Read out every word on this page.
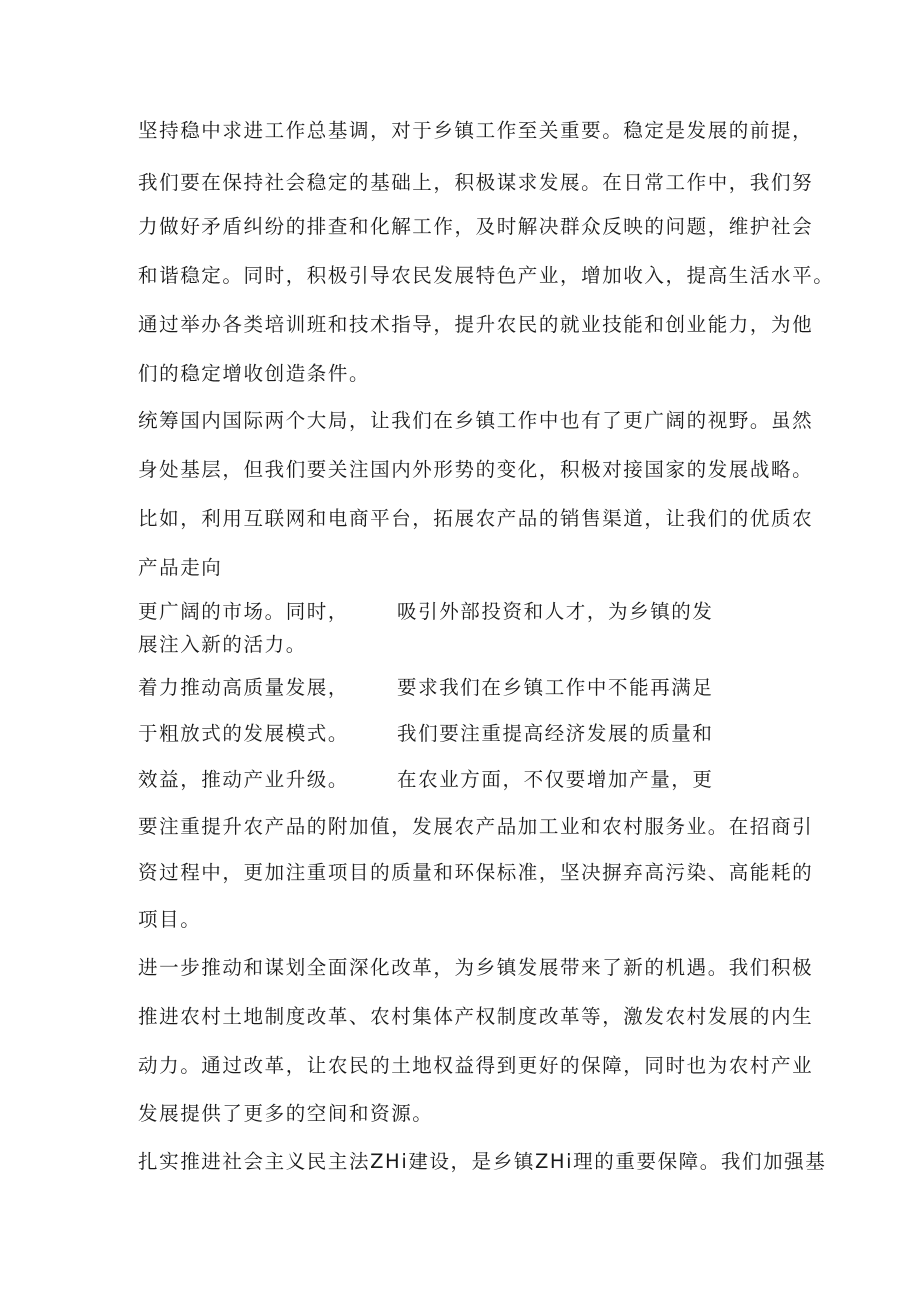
坚持稳中求进工作总基调，对于乡镇工作至关重要。稳定是发展的前提，
我们要在保持社会稳定的基础上，积极谋求发展。在日常工作中，我们努
力做好矛盾纠纷的排查和化解工作，及时解决群众反映的问题，维护社会
和谐稳定。同时，积极引导农民发展特色产业，增加收入，提高生活水平。
通过举办各类培训班和技术指导，提升农民的就业技能和创业能力，为他
们的稳定增收创造条件。
统筹国内国际两个大局，让我们在乡镇工作中也有了更广阔的视野。虽然
身处基层，但我们要关注国内外形势的变化，积极对接国家的发展战略。
比如，利用互联网和电商平台，拓展农产品的销售渠道，让我们的优质农
产品走向
更广阔的市场。同时， 吸引外部投资和人才，为乡镇的发
展注入新的活力。
着力推动高质量发展， 要求我们在乡镇工作中不能再满足
于粗放式的发展模式。 我们要注重提高经济发展的质量和
效益，推动产业升级。 在农业方面，不仅要增加产量，更
要注重提升农产品的附加值，发展农产品加工业和农村服务业。在招商引
资过程中，更加注重项目的质量和环保标准，坚决摒弃高污染、高能耗的
项目。
进一步推动和谋划全面深化改革，为乡镇发展带来了新的机遇。我们积极
推进农村土地制度改革、农村集体产权制度改革等，激发农村发展的内生
动力。通过改革，让农民的土地权益得到更好的保障，同时也为农村产业
发展提供了更多的空间和资源。
扎实推进社会主义民主法ZHi建设，是乡镇ZHi理的重要保障。我们加强基
